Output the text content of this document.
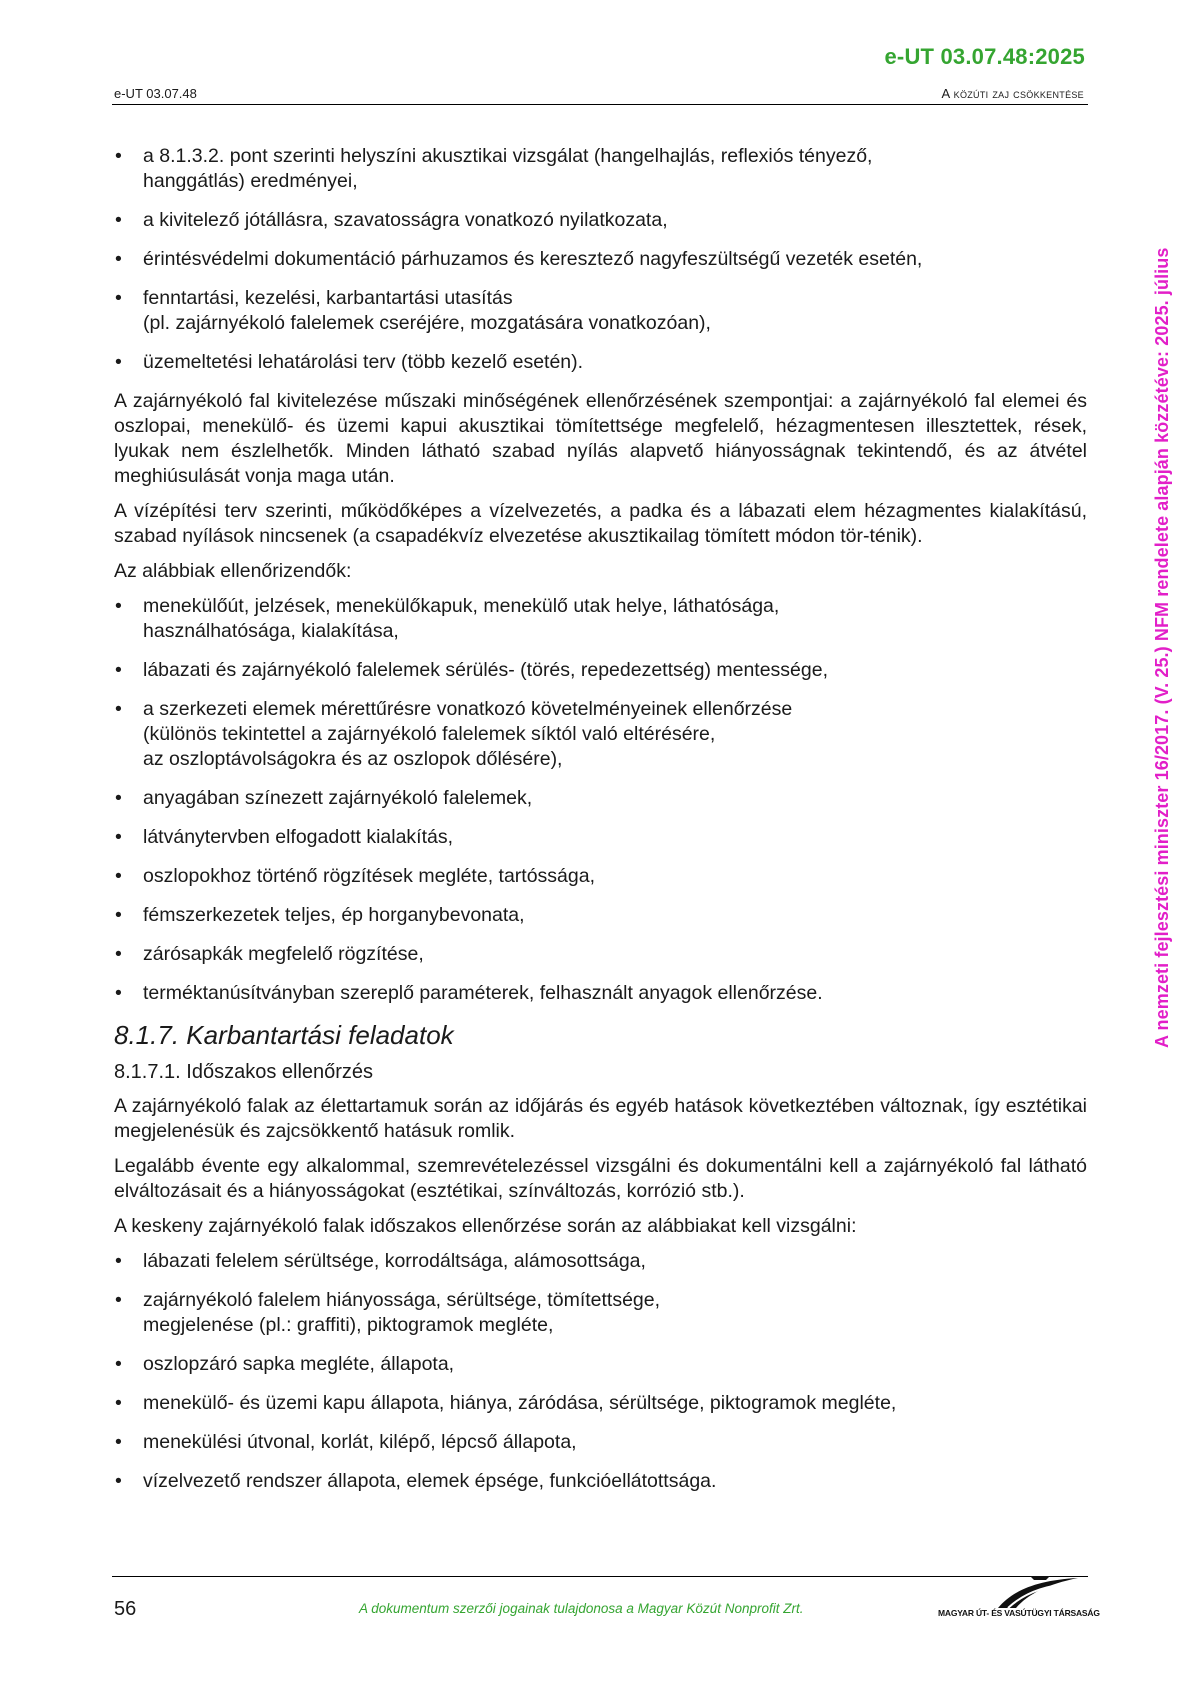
e-UT 03.07.48:2025
e-UT 03.07.48	A közúti zaj csökkentése
A nemzeti fejlesztési miniszter 16/2017. (V. 25.) NFM rendelete alapján közzétéve: 2025. július
• a 8.1.3.2. pont szerinti helyszíni akusztikai vizsgálat (hangelhajlás, reflexiós tényező,
hanggátlás) eredményei,
• a kivitelező jótállásra, szavatosságra vonatkozó nyilatkozata,
• érintésvédelmi dokumentáció párhuzamos és keresztező nagyfeszültségű vezeték esetén,
• fenntartási, kezelési, karbantartási utasítás
(pl. zajárnyékoló falelemek cseréjére, mozgatására vonatkozóan),
• üzemeltetési lehatárolási terv (több kezelő esetén).

A zajárnyékoló fal kivitelezése műszaki minőségének ellenőrzésének szempontjai: a zajárnyékoló fal elemei és oszlopai, menekülő- és üzemi kapui akusztikai tömítettsége megfelelő, hézagmentesen illesztettek, rések, lyukak nem észlelhetők. Minden látható szabad nyílás alapvető hiányosságnak tekintendő, és az átvétel meghiúsulását vonja maga után.

A vízépítési terv szerinti, működőképes a vízelvezetés, a padka és a lábazati elem hézagmentes kialakítású, szabad nyílások nincsenek (a csapadékvíz elvezetése akusztikailag tömített módon tör-ténik).

Az alábbiak ellenőrizendők:

• menekülőút, jelzések, menekülőkapuk, menekülő utak helye, láthatósága,
használhatósága, kialakítása,
• lábazati és zajárnyékoló falelemek sérülés- (törés, repedezettség) mentessége,
• a szerkezeti elemek mérettűrésre vonatkozó követelményeinek ellenőrzése
(különös tekintettel a zajárnyékoló falelemek síktól való eltérésére,
az oszloptávolságokra és az oszlopok dőlésére),
• anyagában színezett zajárnyékoló falelemek,
• látványtervben elfogadott kialakítás,
• oszlopokhoz történő rögzítések megléte, tartóssága,
• fémszerkezetek teljes, ép horganybevonata,
• zárósapkák megfelelő rögzítése,
• terméktanúsítványban szereplő paraméterek, felhasznált anyagok ellenőrzése.
8.1.7. Karbantartási feladatok
8.1.7.1. Időszakos ellenőrzés

A zajárnyékoló falak az élettartamuk során az időjárás és egyéb hatások következtében változnak, így esztétikai megjelenésük és zajcsökkentő hatásuk romlik.

Legalább évente egy alkalommal, szemrevételezéssel vizsgálni és dokumentálni kell a zajárnyékoló fal látható elváltozásait és a hiányosságokat (esztétikai, színváltozás, korrózió stb.).

A keskeny zajárnyékoló falak időszakos ellenőrzése során az alábbiakat kell vizsgálni:

• lábazati felelem sérültsége, korrodáltsága, alámosottsága,
• zajárnyékoló falelem hiányossága, sérültsége, tömítettsége,
megjelenése (pl.: graffiti), piktogramok megléte,
• oszlopzáró sapka megléte, állapota,
• menekülő- és üzemi kapu állapota, hiánya, záródása, sérültsége, piktogramok megléte,
• menekülési útvonal, korlát, kilépő, lépcső állapota,
• vízelvezető rendszer állapota, elemek épsége, funkcióellátottsága.
56	A dokumentum szerzői jogainak tulajdonosa a Magyar Közút Nonprofit Zrt.	MAGYAR ÚT- ÉS VASÚTÜGYI TÁRSASÁG
